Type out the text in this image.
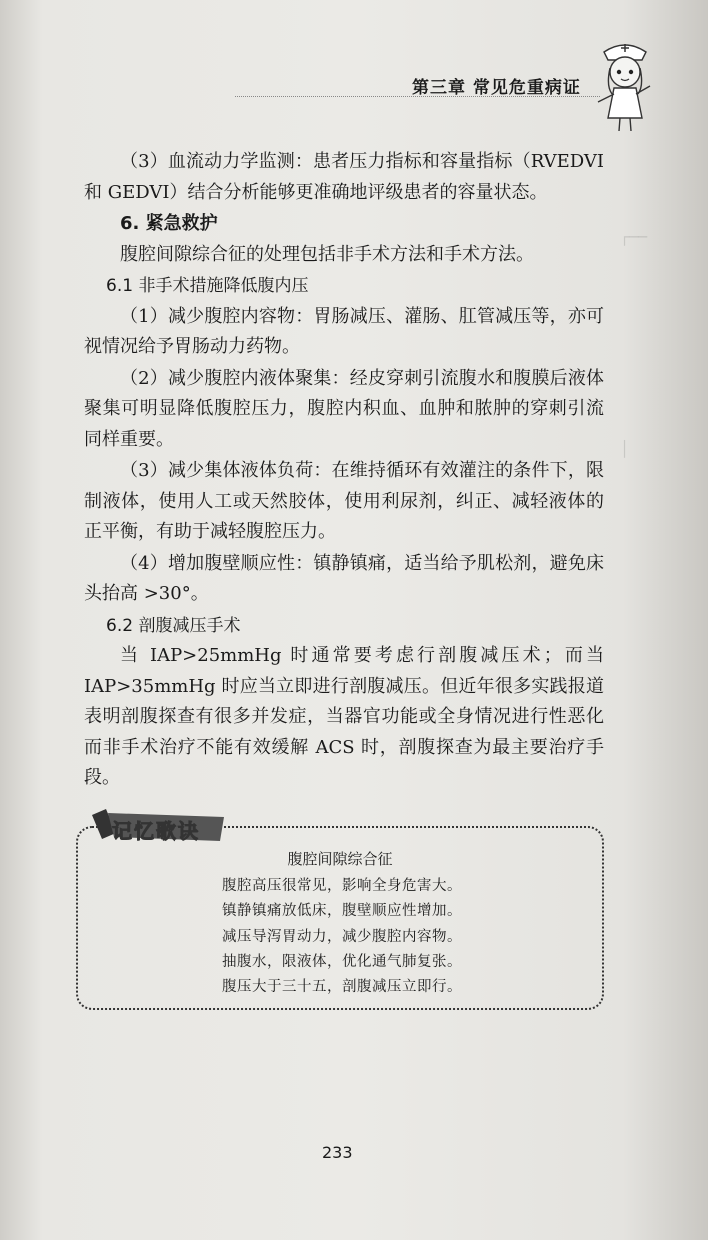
┌──
│
第三章 常见危重病证

（3）血流动力学监测：患者压力指标和容量指标（RVEDVI和 GEDVI）结合分析能够更准确地评级患者的容量状态。

6. 紧急救护

腹腔间隙综合征的处理包括非手术方法和手术方法。

6.1 非手术措施降低腹内压

（1）减少腹腔内容物：胃肠减压、灌肠、肛管减压等，亦可视情况给予胃肠动力药物。

（2）减少腹腔内液体聚集：经皮穿刺引流腹水和腹膜后液体聚集可明显降低腹腔压力，腹腔内积血、血肿和脓肿的穿刺引流同样重要。

（3）减少集体液体负荷：在维持循环有效灌注的条件下，限制液体，使用人工或天然胶体，使用利尿剂，纠正、减轻液体的正平衡，有助于减轻腹腔压力。

（4）增加腹壁顺应性：镇静镇痛，适当给予肌松剂，避免床头抬高 >30°。

6.2 剖腹减压手术

当 IAP>25mmHg 时通常要考虑行剖腹减压术；而当 IAP>35mmHg 时应当立即进行剖腹减压。但近年很多实践报道表明剖腹探查有很多并发症，当器官功能或全身情况进行性恶化而非手术治疗不能有效缓解 ACS 时，剖腹探查为最主要治疗手段。

记忆歌诀
腹腔间隙综合征
腹腔高压很常见，影响全身危害大。
镇静镇痛放低床，腹壁顺应性增加。
减压导泻胃动力，减少腹腔内容物。
抽腹水，限液体，优化通气肺复张。
腹压大于三十五，剖腹减压立即行。
233
